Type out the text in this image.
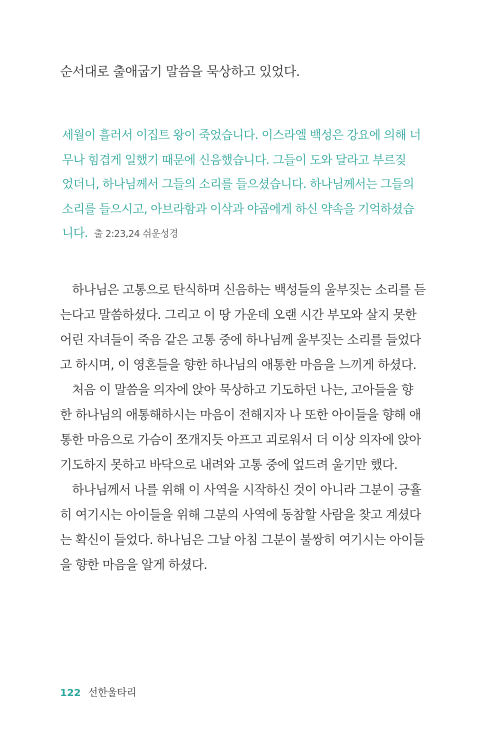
순서대로 출애굽기 말씀을 묵상하고 있었다.
세월이 흘러서 이집트 왕이 죽었습니다. 이스라엘 백성은 강요에 의해 너
무나 힘겹게 일했기 때문에 신음했습니다. 그들이 도와 달라고 부르짖
었더니, 하나님께서 그들의 소리를 들으셨습니다. 하나님께서는 그들의
소리를 들으시고, 아브라함과 이삭과 야곱에게 하신 약속을 기억하셨습
니다. 출 2:23,24 쉬운성경
하나님은 고통으로 탄식하며 신음하는 백성들의 울부짖는 소리를 듣
는다고 말씀하셨다. 그리고 이 땅 가운데 오랜 시간 부모와 살지 못한
어린 자녀들이 죽음 같은 고통 중에 하나님께 울부짖는 소리를 들었다
고 하시며, 이 영혼들을 향한 하나님의 애통한 마음을 느끼게 하셨다.
처음 이 말씀을 의자에 앉아 묵상하고 기도하던 나는, 고아들을 향
한 하나님의 애통해하시는 마음이 전해지자 나 또한 아이들을 향해 애
통한 마음으로 가슴이 쪼개지듯 아프고 괴로워서 더 이상 의자에 앉아
기도하지 못하고 바닥으로 내려와 고통 중에 엎드려 울기만 했다.
하나님께서 나를 위해 이 사역을 시작하신 것이 아니라 그분이 긍휼
히 여기시는 아이들을 위해 그분의 사역에 동참할 사람을 찾고 계셨다
는 확신이 들었다. 하나님은 그날 아침 그분이 불쌍히 여기시는 아이들
을 향한 마음을 알게 하셨다.
122 선한울타리
